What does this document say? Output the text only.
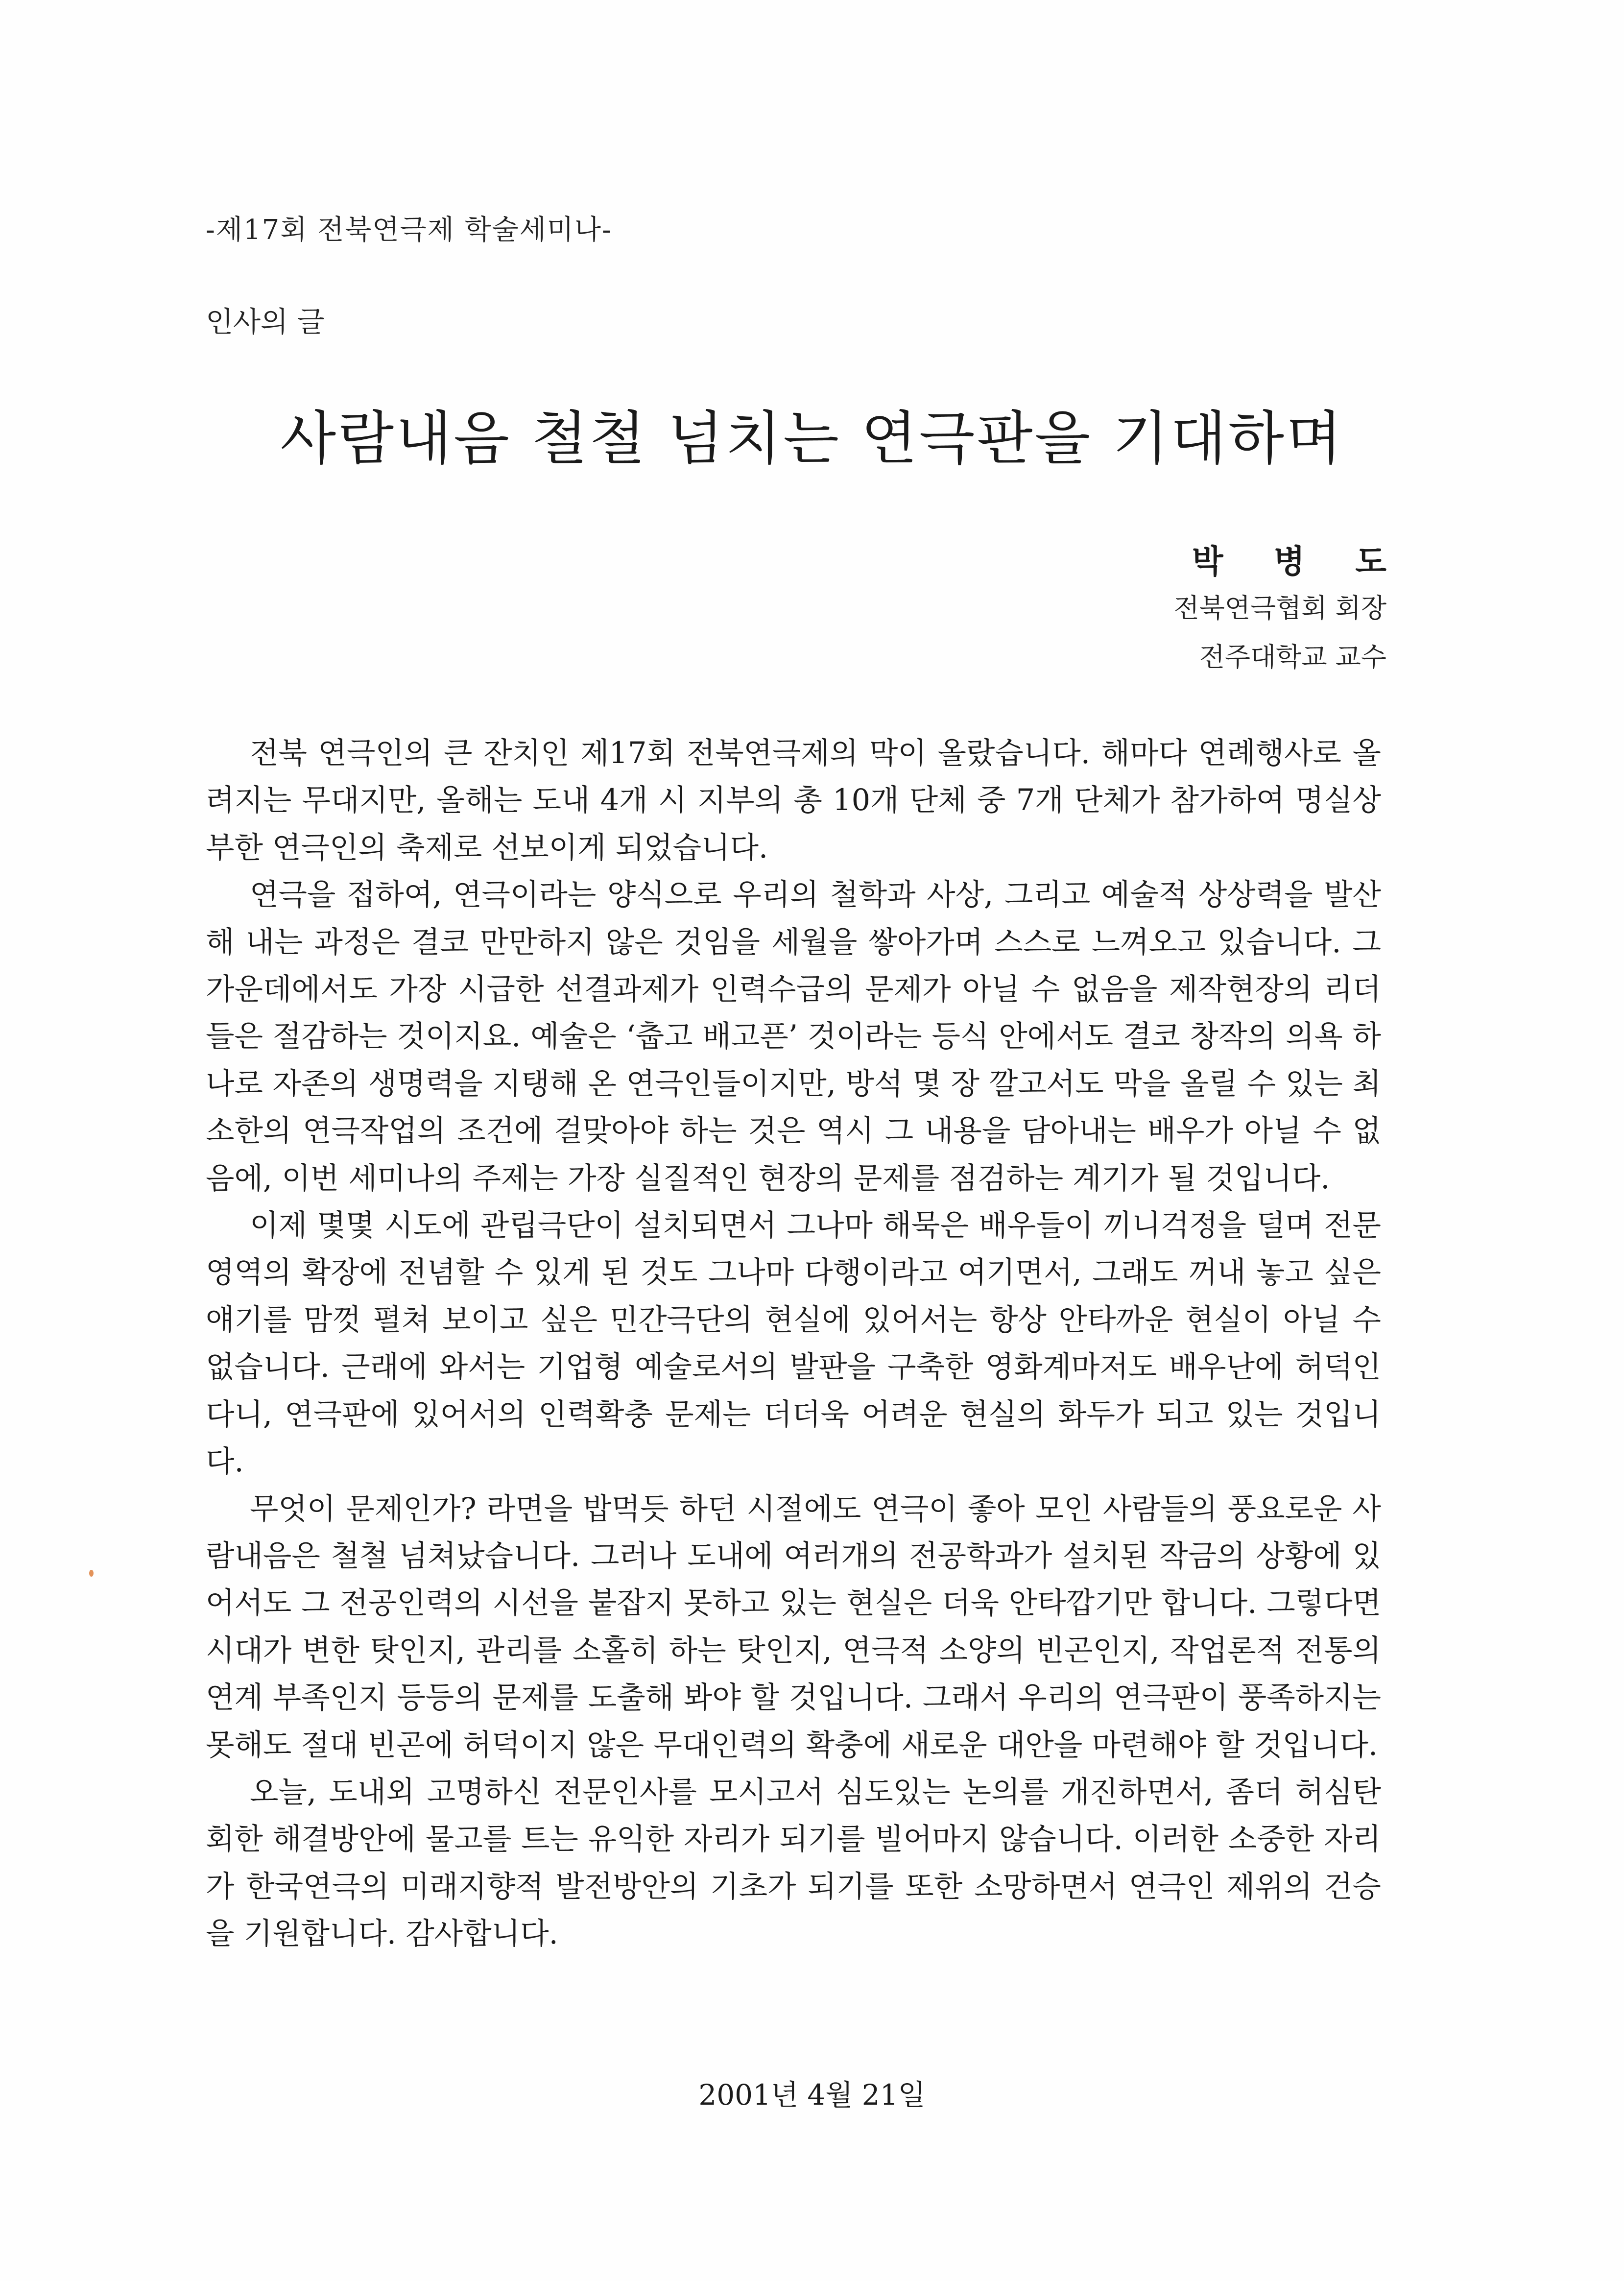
-제17회 전북연극제 학술세미나-
인사의 글
사람내음 철철 넘치는 연극판을 기대하며
박 병 도
전북연극협회 회장
전주대학교 교수

전북 연극인의 큰 잔치인 제17회 전북연극제의 막이 올랐습니다. 해마다 연례행사로 올려지는 무대지만, 올해는 도내 4개 시 지부의 총 10개 단체 중 7개 단체가 참가하여 명실상부한 연극인의 축제로 선보이게 되었습니다.

연극을 접하여, 연극이라는 양식으로 우리의 철학과 사상, 그리고 예술적 상상력을 발산해 내는 과정은 결코 만만하지 않은 것임을 세월을 쌓아가며 스스로 느껴오고 있습니다. 그 가운데에서도 가장 시급한 선결과제가 인력수급의 문제가 아닐 수 없음을 제작현장의 리더들은 절감하는 것이지요. 예술은 ‘춥고 배고픈’ 것이라는 등식 안에서도 결코 창작의 의욕 하나로 자존의 생명력을 지탱해 온 연극인들이지만, 방석 몇 장 깔고서도 막을 올릴 수 있는 최소한의 연극작업의 조건에 걸맞아야 하는 것은 역시 그 내용을 담아내는 배우가 아닐 수 없음에, 이번 세미나의 주제는 가장 실질적인 현장의 문제를 점검하는 계기가 될 것입니다.

이제 몇몇 시도에 관립극단이 설치되면서 그나마 해묵은 배우들이 끼니걱정을 덜며 전문영역의 확장에 전념할 수 있게 된 것도 그나마 다행이라고 여기면서, 그래도 꺼내 놓고 싶은 얘기를 맘껏 펼쳐 보이고 싶은 민간극단의 현실에 있어서는 항상 안타까운 현실이 아닐 수 없습니다. 근래에 와서는 기업형 예술로서의 발판을 구축한 영화계마저도 배우난에 허덕인다니, 연극판에 있어서의 인력확충 문제는 더더욱 어려운 현실의 화두가 되고 있는 것입니다.

무엇이 문제인가? 라면을 밥먹듯 하던 시절에도 연극이 좋아 모인 사람들의 풍요로운 사람내음은 철철 넘쳐났습니다. 그러나 도내에 여러개의 전공학과가 설치된 작금의 상황에 있어서도 그 전공인력의 시선을 붙잡지 못하고 있는 현실은 더욱 안타깝기만 합니다. 그렇다면 시대가 변한 탓인지, 관리를 소홀히 하는 탓인지, 연극적 소양의 빈곤인지, 작업론적 전통의 연계 부족인지 등등의 문제를 도출해 봐야 할 것입니다. 그래서 우리의 연극판이 풍족하지는 못해도 절대 빈곤에 허덕이지 않은 무대인력의 확충에 새로운 대안을 마련해야 할 것입니다.

오늘, 도내외 고명하신 전문인사를 모시고서 심도있는 논의를 개진하면서, 좀더 허심탄회한 해결방안에 물고를 트는 유익한 자리가 되기를 빌어마지 않습니다. 이러한 소중한 자리가 한국연극의 미래지향적 발전방안의 기초가 되기를 또한 소망하면서 연극인 제위의 건승을 기원합니다. 감사합니다.

2001년 4월 21일
